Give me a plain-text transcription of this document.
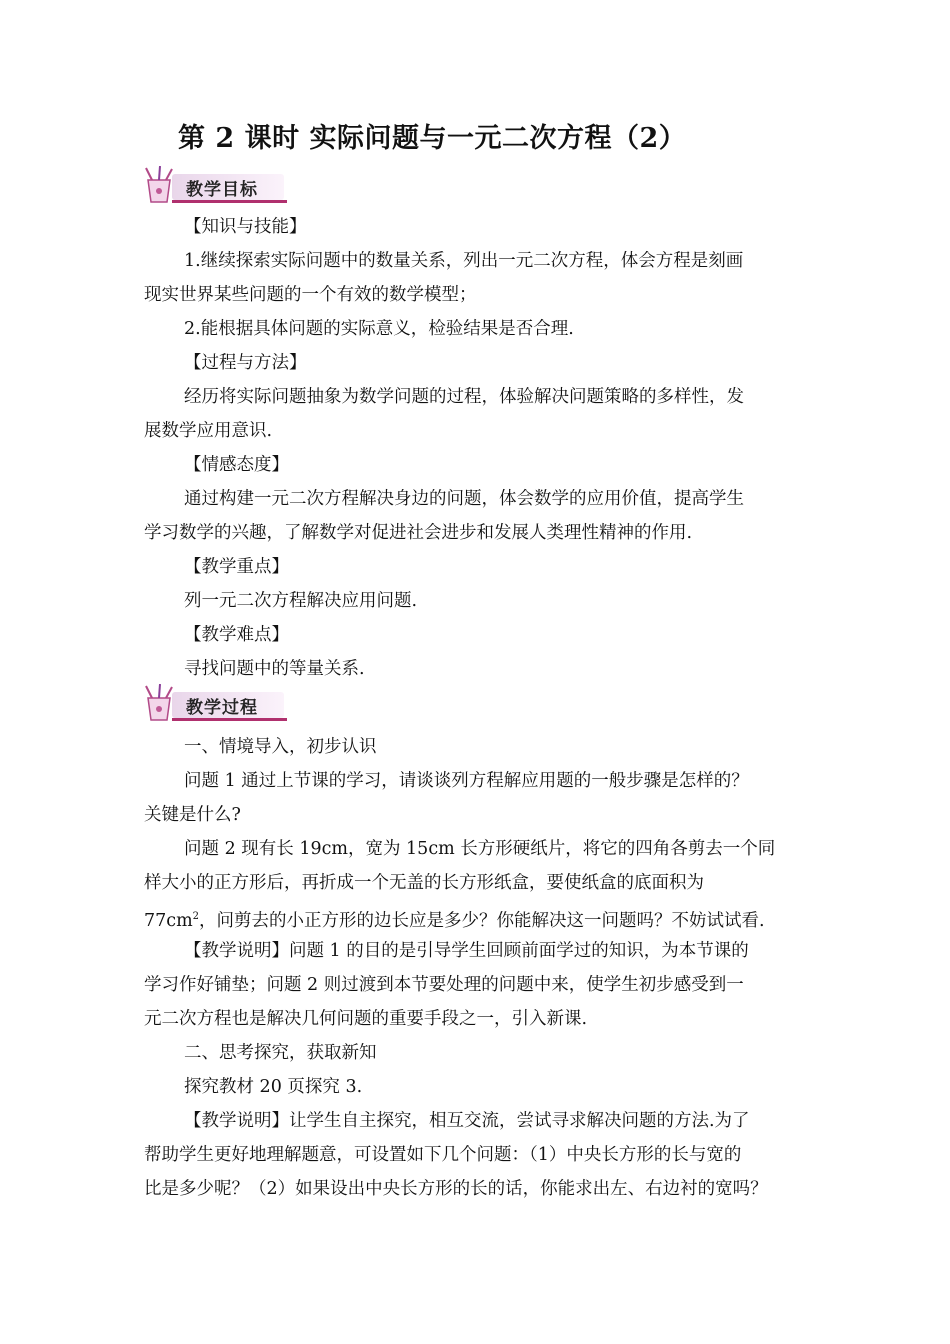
第 2 课时 实际问题与一元二次方程（2）
教学目标
【知识与技能】
1.继续探索实际问题中的数量关系，列出一元二次方程，体会方程是刻画
现实世界某些问题的一个有效的数学模型；
2.能根据具体问题的实际意义，检验结果是否合理.
【过程与方法】
经历将实际问题抽象为数学问题的过程，体验解决问题策略的多样性，发
展数学应用意识.
【情感态度】
通过构建一元二次方程解决身边的问题，体会数学的应用价值，提高学生
学习数学的兴趣，了解数学对促进社会进步和发展人类理性精神的作用.
【教学重点】
列一元二次方程解决应用问题.
【教学难点】
寻找问题中的等量关系.
教学过程
一、情境导入，初步认识
问题 1 通过上节课的学习，请谈谈列方程解应用题的一般步骤是怎样的？
关键是什么?
问题 2 现有长 19cm，宽为 15cm 长方形硬纸片，将它的四角各剪去一个同
样大小的正方形后，再折成一个无盖的长方形纸盒，要使纸盒的底面积为
$77cm^2$，问剪去的小正方形的边长应是多少？你能解决这一问题吗？不妨试试看.
【教学说明】问题 1 的目的是引导学生回顾前面学过的知识，为本节课的
学习作好铺垫；问题 2 则过渡到本节要处理的问题中来，使学生初步感受到一
元二次方程也是解决几何问题的重要手段之一，引入新课.
二、思考探究，获取新知
探究教材 20 页探究 3.
【教学说明】让学生自主探究，相互交流，尝试寻求解决问题的方法.为了
帮助学生更好地理解题意，可设置如下几个问题：（1）中央长方形的长与宽的
比是多少呢？（2）如果设出中央长方形的长的话，你能求出左、右边衬的宽吗？
